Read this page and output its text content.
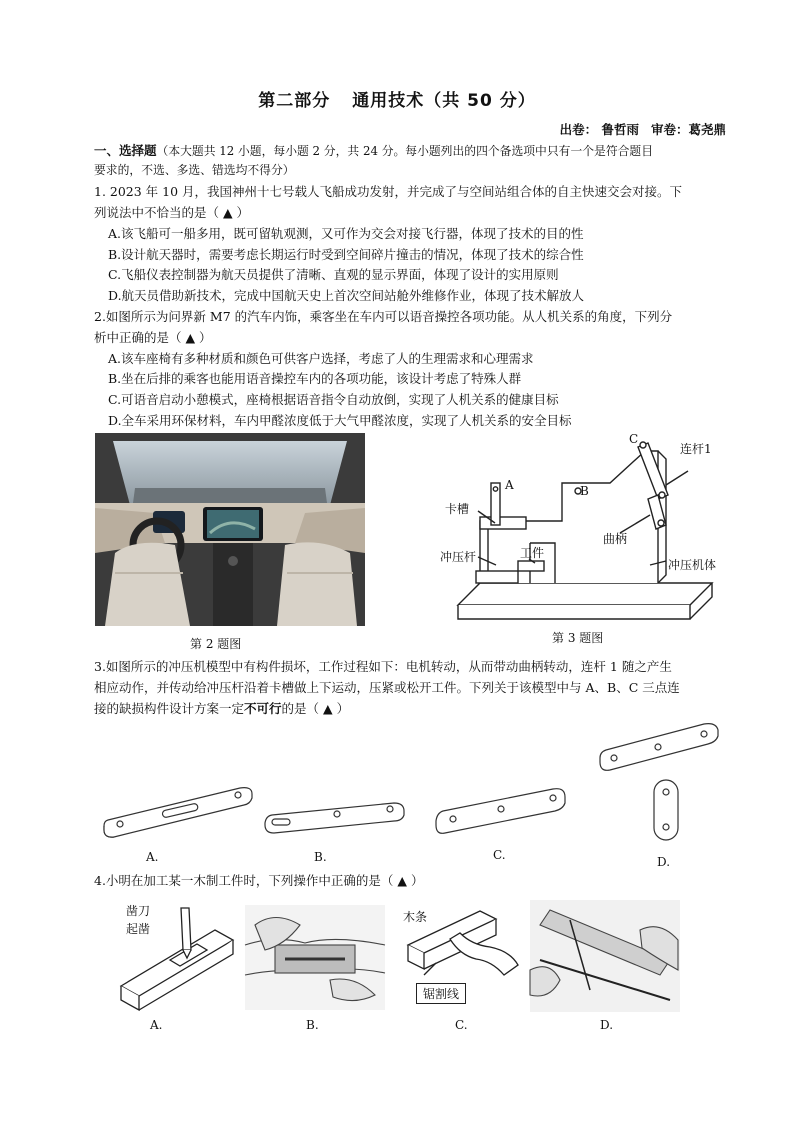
第二部分 通用技术（共 50 分）
出卷： 鲁哲雨 审卷：葛尧鼎
一、选择题（本大题共 12 小题，每小题 2 分，共 24 分。每小题列出的四个备选项中只有一个是符合题目
要求的，不选、多选、错选均不得分）
1. 2023 年 10 月，我国神州十七号载人飞船成功发射，并完成了与空间站组合体的自主快速交会对接。下
列说法中不恰当的是（ ▲ ）
A.该飞船可一船多用，既可留轨观测，又可作为交会对接飞行器，体现了技术的目的性
B.设计航天器时，需要考虑长期运行时受到空间碎片撞击的情况，体现了技术的综合性
C.飞船仪表控制器为航天员提供了清晰、直观的显示界面，体现了设计的实用原则
D.航天员借助新技术，完成中国航天史上首次空间站舱外维修作业，体现了技术解放人
2.如图所示为问界新 M7 的汽车内饰，乘客坐在车内可以语音操控各项功能。从人机关系的角度，下列分
析中正确的是（ ▲ ）
A.该车座椅有多种材质和颜色可供客户选择，考虑了人的生理需求和心理需求
B.坐在后排的乘客也能用语音操控车内的各项功能，该设计考虑了特殊人群
C.可语音启动小憩模式，座椅根据语音指令自动放倒，实现了人机关系的健康目标
D.全车采用环保材料，车内甲醛浓度低于大气甲醛浓度，实现了人机关系的安全目标
第 2 题图
A	B
C
连杆1
卡槽
曲柄
冲压杆	工件
冲压机体
第 3 题图
3.如图所示的冲压机模型中有构件损坏，工作过程如下：电机转动，从而带动曲柄转动，连杆 1 随之产生
相应动作，并传动给冲压杆沿着卡槽做上下运动，压紧或松开工件。下列关于该模型中与 A、B、C 三点连
接的缺损构件设计方案一定不可行的是（ ▲ ）
A.	B.	C.	D.
4.小明在加工某一木制工件时，下列操作中正确的是（ ▲ ）
凿刀
起凿
A.	B.
木条
锯割线
C.	D.
